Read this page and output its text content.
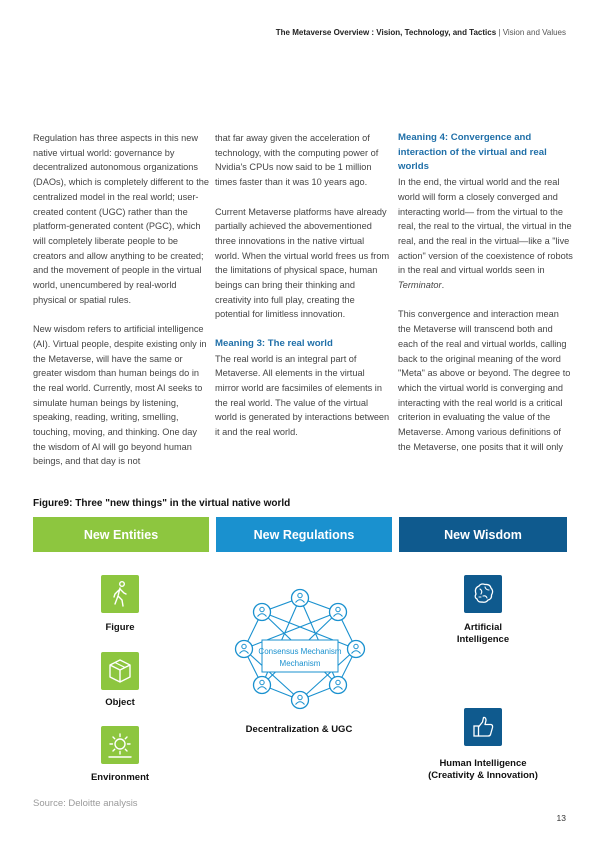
The Metaverse Overview : Vision, Technology, and Tactics | Vision and Values

Regulation has three aspects in this new native virtual world: governance by decentralized autonomous organizations (DAOs), which is completely different to the centralized model in the real world; user-created content (UGC) rather than the platform-generated content (PGC), which will completely liberate people to be creators and allow anything to be created; and the movement of people in the virtual world, unencumbered by real-world physical or spatial rules.

New wisdom refers to artificial intelligence (AI). Virtual people, despite existing only in the Metaverse, will have the same or greater wisdom than human beings do in the real world. Currently, most AI seeks to simulate human beings by listening, speaking, reading, writing, smelling, touching, moving, and thinking. One day the wisdom of AI will go beyond human beings, and that day is not

that far away given the acceleration of technology, with the computing power of Nvidia's CPUs now said to be 1 million times faster than it was 10 years ago.

Current Metaverse platforms have already partially achieved the abovementioned three innovations in the native virtual world. When the virtual world frees us from the limitations of physical space, human beings can bring their thinking and creativity into full play, creating the potential for limitless innovation.

Meaning 3: The real world

The real world is an integral part of Metaverse. All elements in the virtual mirror world are facsimiles of elements in the real world. The value of the virtual world is generated by interactions between it and the real world.

Meaning 4: Convergence and interaction of the virtual and real worlds

In the end, the virtual world and the real world will form a closely converged and interacting world— from the virtual to the real, the real to the virtual, the virtual in the real, and the real in the virtual—like a "live action" version of the coexistence of robots in the real and virtual worlds seen in Terminator.

This convergence and interaction mean the Metaverse will transcend both and each of the real and virtual worlds, calling back to the original meaning of the word "Meta" as above or beyond. The degree to which the virtual world is converging and interacting with the real world is a critical criterion in evaluating the value of the Metaverse. Among various definitions of the Metaverse, one posits that it will only

Figure9: Three "new things" in the virtual native world
New Entities	New Regulations	New Wisdom
Figure
Object
Environment
Consensus Mechanism
Mechanism
Decentralization & UGC
Artificial
Intelligence
Human Intelligence
(Creativity & Innovation)
Source: Deloitte analysis
13
